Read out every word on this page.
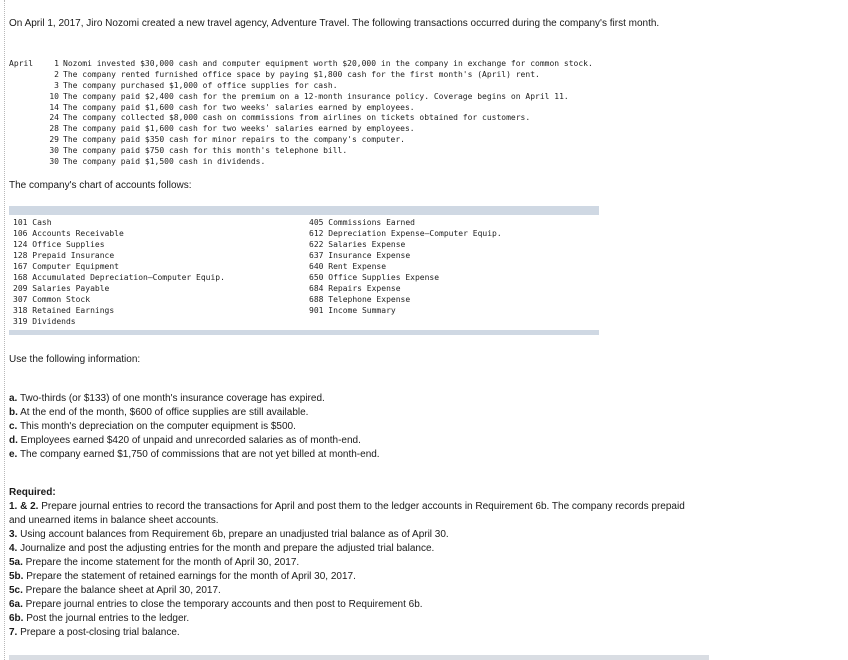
On April 1, 2017, Jiro Nozomi created a new travel agency, Adventure Travel. The following transactions occurred during the company's first month.
April	1 Nozomi invested $30,000 cash and computer equipment worth $20,000 in the company in exchange for common stock.
2 The company rented furnished office space by paying $1,800 cash for the first month's (April) rent.
3 The company purchased $1,000 of office supplies for cash.
10 The company paid $2,400 cash for the premium on a 12-month insurance policy. Coverage begins on April 11.
14 The company paid $1,600 cash for two weeks' salaries earned by employees.
24 The company collected $8,000 cash on commissions from airlines on tickets obtained for customers.
28 The company paid $1,600 cash for two weeks' salaries earned by employees.
29 The company paid $350 cash for minor repairs to the company's computer.
30 The company paid $750 cash for this month's telephone bill.
30 The company paid $1,500 cash in dividends.
The company's chart of accounts follows:
101 Cash
106 Accounts Receivable
124 Office Supplies
128 Prepaid Insurance
167 Computer Equipment
168 Accumulated Depreciation—Computer Equip.
209 Salaries Payable
307 Common Stock
318 Retained Earnings
319 Dividends
405 Commissions Earned
612 Depreciation Expense—Computer Equip.
622 Salaries Expense
637 Insurance Expense
640 Rent Expense
650 Office Supplies Expense
684 Repairs Expense
688 Telephone Expense
901 Income Summary
Use the following information:
a. Two-thirds (or $133) of one month's insurance coverage has expired.
b. At the end of the month, $600 of office supplies are still available.
c. This month's depreciation on the computer equipment is $500.
d. Employees earned $420 of unpaid and unrecorded salaries as of month-end.
e. The company earned $1,750 of commissions that are not yet billed at month-end.
Required:
1. & 2. Prepare journal entries to record the transactions for April and post them to the ledger accounts in Requirement 6b. The company records prepaid and unearned items in balance sheet accounts.
3. Using account balances from Requirement 6b, prepare an unadjusted trial balance as of April 30.
4. Journalize and post the adjusting entries for the month and prepare the adjusted trial balance.
5a. Prepare the income statement for the month of April 30, 2017.
5b. Prepare the statement of retained earnings for the month of April 30, 2017.
5c. Prepare the balance sheet at April 30, 2017.
6a. Prepare journal entries to close the temporary accounts and then post to Requirement 6b.
6b. Post the journal entries to the ledger.
7. Prepare a post-closing trial balance.
